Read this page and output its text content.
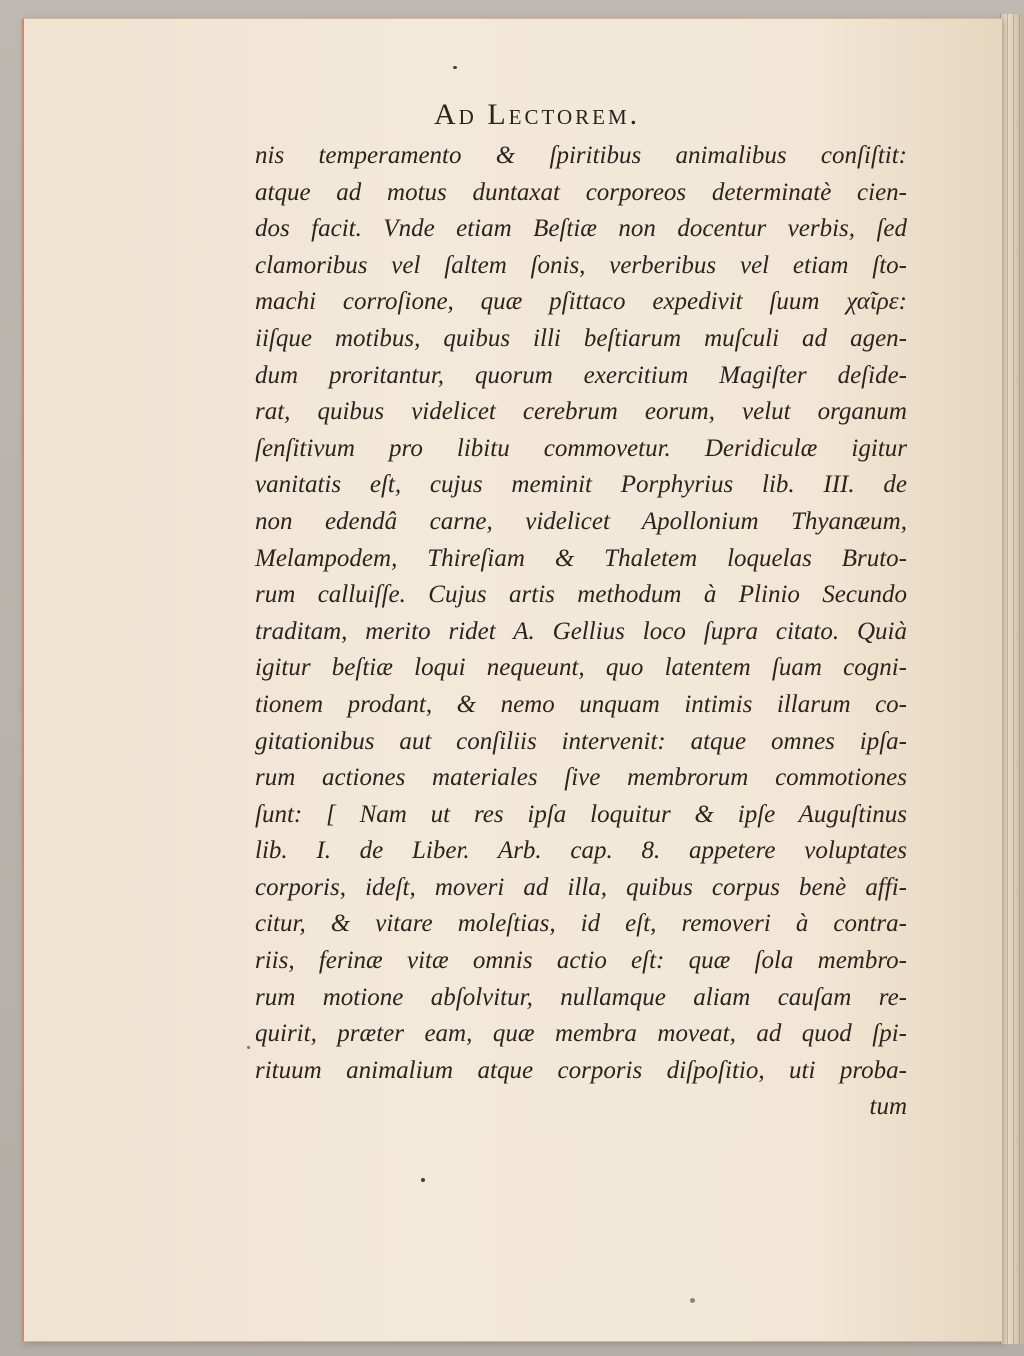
Ad Lectorem.
nis temperamento & ſpiritibus animalibus conſiſtit:
atque ad motus duntaxat corporeos determinatè cien-
dos facit. Vnde etiam Beſtiæ non docentur verbis, ſed
clamoribus vel ſaltem ſonis, verberibus vel etiam ſto-
machi corroſione, quæ pſittaco expedivit ſuum χαῖρε:
iiſque motibus, quibus illi beſtiarum muſculi ad agen-
dum proritantur, quorum exercitium Magiſter deſide-
rat, quibus videlicet cerebrum eorum, velut organum
ſenſitivum pro libitu commovetur. Deridiculæ igitur
vanitatis eſt, cujus meminit Porphyrius lib. III. de
non edendâ carne, videlicet Apollonium Thyanæum,
Melampodem, Thireſiam & Thaletem loquelas Bruto-
rum calluiſſe. Cujus artis methodum à Plinio Secundo
traditam, merito ridet A. Gellius loco ſupra citato. Quià
igitur beſtiæ loqui nequeunt, quo latentem ſuam cogni-
tionem prodant, & nemo unquam intimis illarum co-
gitationibus aut conſiliis intervenit: atque omnes ipſa-
rum actiones materiales ſive membrorum commotiones
ſunt: [ Nam ut res ipſa loquitur & ipſe Auguſtinus
lib. I. de Liber. Arb. cap. 8. appetere voluptates
corporis, ideſt, moveri ad illa, quibus corpus benè affi-
citur, & vitare moleſtias, id eſt, removeri à contra-
riis, ferinæ vitæ omnis actio eſt: quæ ſola membro-
rum motione abſolvitur, nullamque aliam cauſam re-
quirit, præter eam, quæ membra moveat, ad quod ſpi-
rituum animalium atque corporis diſpoſitio, uti proba-
tum
